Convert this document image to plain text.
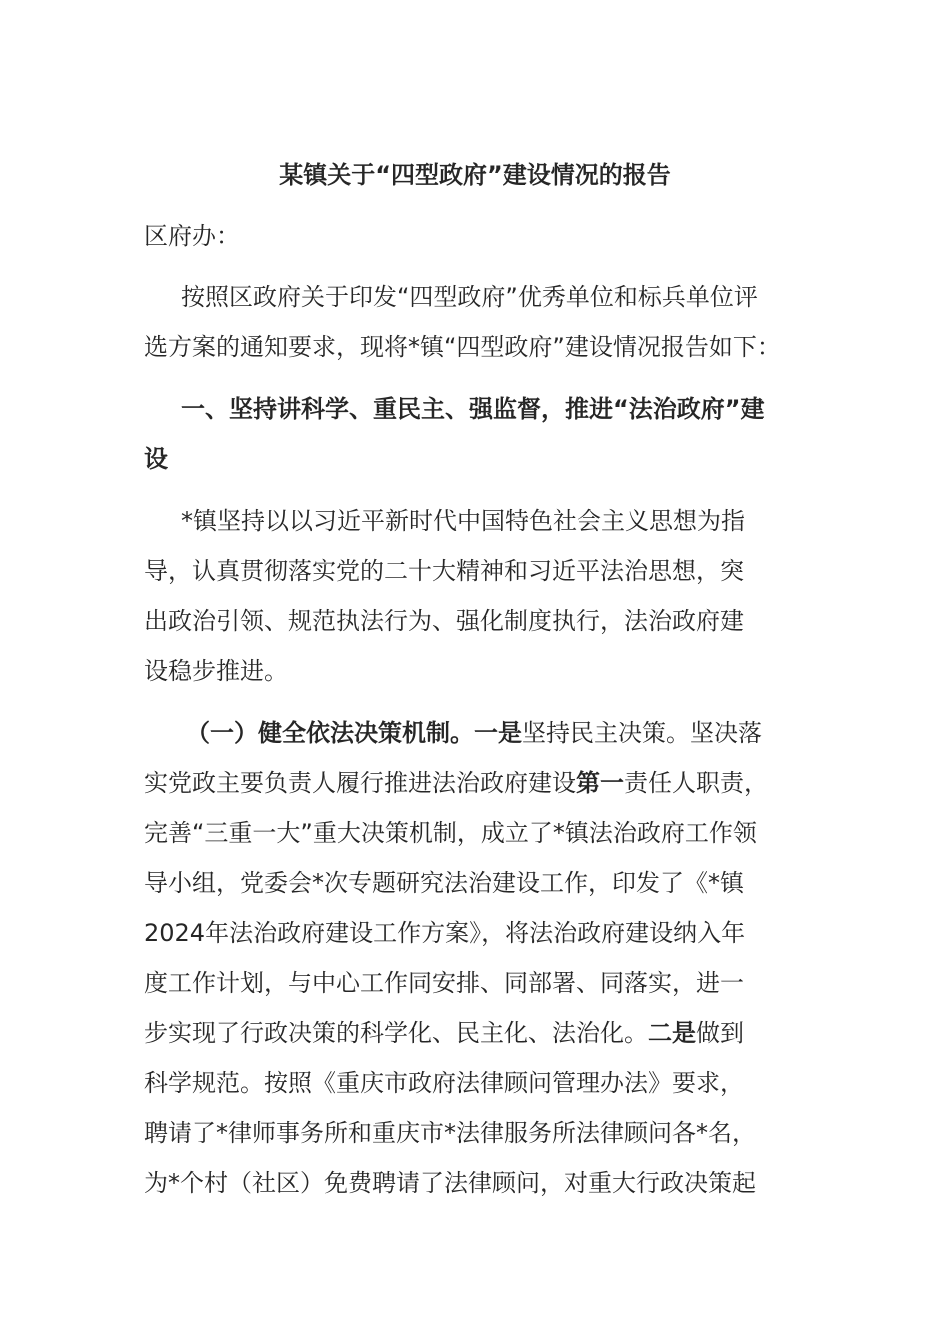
某镇关于“四型政府”建设情况的报告
区府办：
按照区政府关于印发“四型政府”优秀单位和标兵单位评
选方案的通知要求，现将*镇“四型政府”建设情况报告如下：
一、坚持讲科学、重民主、强监督，推进“法治政府”建
设
*镇坚持以以习近平新时代中国特色社会主义思想为指
导，认真贯彻落实党的二十大精神和习近平法治思想，突
出政治引领、规范执法行为、强化制度执行，法治政府建
设稳步推进。
（一）健全依法决策机制。一是坚持民主决策。坚决落
实党政主要负责人履行推进法治政府建设第一责任人职责，
完善“三重一大”重大决策机制，成立了*镇法治政府工作领
导小组，党委会*次专题研究法治建设工作，印发了《*镇
2024年法治政府建设工作方案》，将法治政府建设纳入年
度工作计划，与中心工作同安排、同部署、同落实，进一
步实现了行政决策的科学化、民主化、法治化。二是做到
科学规范。按照《重庆市政府法律顾问管理办法》要求，
聘请了*律师事务所和重庆市*法律服务所法律顾问各*名，
为*个村（社区）免费聘请了法律顾问，对重大行政决策起
